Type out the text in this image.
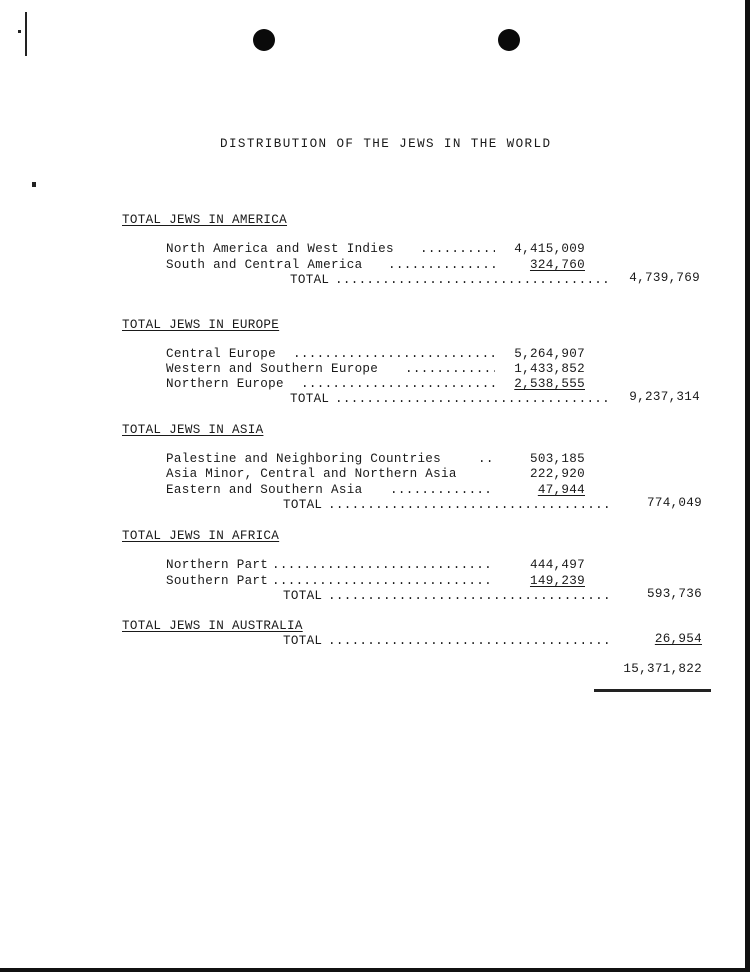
DISTRIBUTION OF THE JEWS IN THE WORLD
TOTAL JEWS IN AMERICA
North America and West Indies .....	4,415,009
South and Central America .....	324,760
TOTAL .....	4,739,769
TOTAL JEWS IN EUROPE
Central Europe .....	5,264,907
Western and Southern Europe .....	1,433,852
Northern Europe .....	2,538,555
TOTAL .....	9,237,314
TOTAL JEWS IN ASIA
Palestine and Neighboring Countries .....	503,185
Asia Minor, Central and Northern Asia	222,920
Eastern and Southern Asia .....	47,944
TOTAL .....	774,049
TOTAL JEWS IN AFRICA
Northern Part .....	444,497
Southern Part .....	149,239
TOTAL .....	593,736
TOTAL JEWS IN AUSTRALIA
TOTAL .....	26,954
15,371,822
